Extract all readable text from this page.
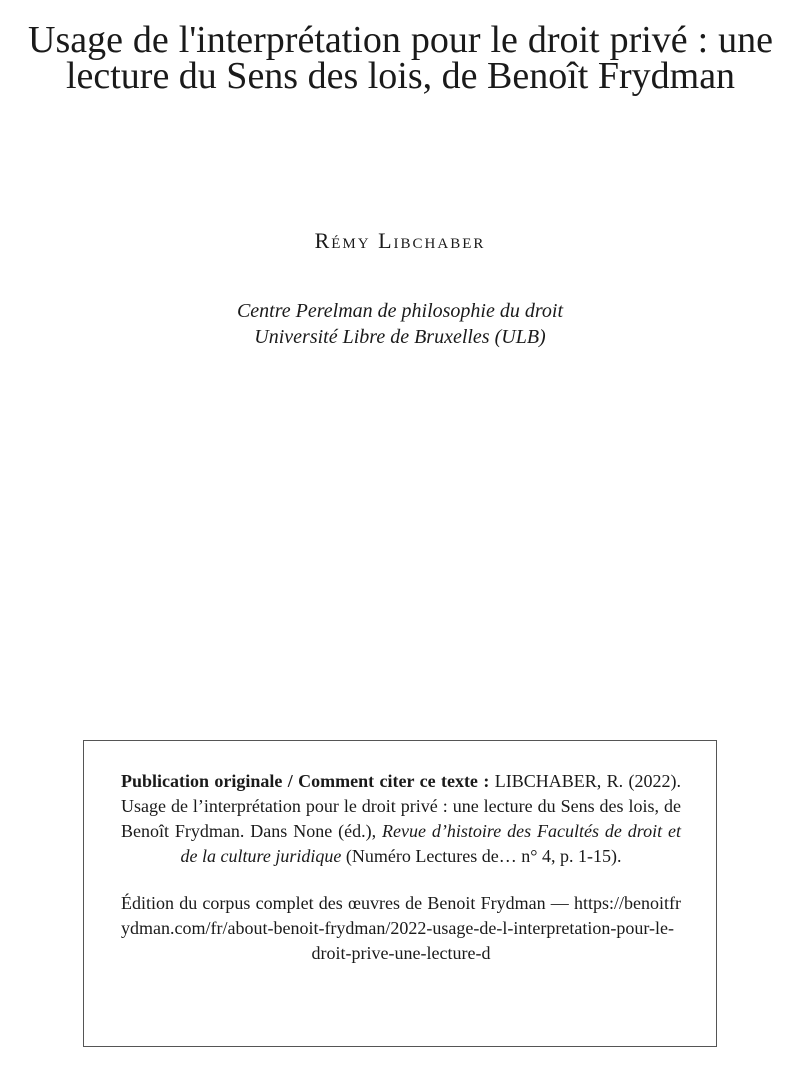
Usage de l'interprétation pour le droit privé : une lecture du Sens des lois, de Benoît Frydman
Rémy Libchaber
Centre Perelman de philosophie du droit
Université Libre de Bruxelles (ULB)

Publication originale / Comment citer ce texte : LIBCHABER, R. (2022). Usage de l’interprétation pour le droit privé : une lecture du Sens des lois, de Benoît Frydman. Dans None (éd.), Revue d’histoire des Facultés de droit et de la culture juridique (Numéro Lectures de… n° 4, p. 1-15).

Édition du corpus complet des œuvres de Benoit Frydman — https://benoitfrydman.com/fr/about-benoit-frydman/2022-usage-de-l-interpretation-pour-le-droit-prive-une-lecture-d
